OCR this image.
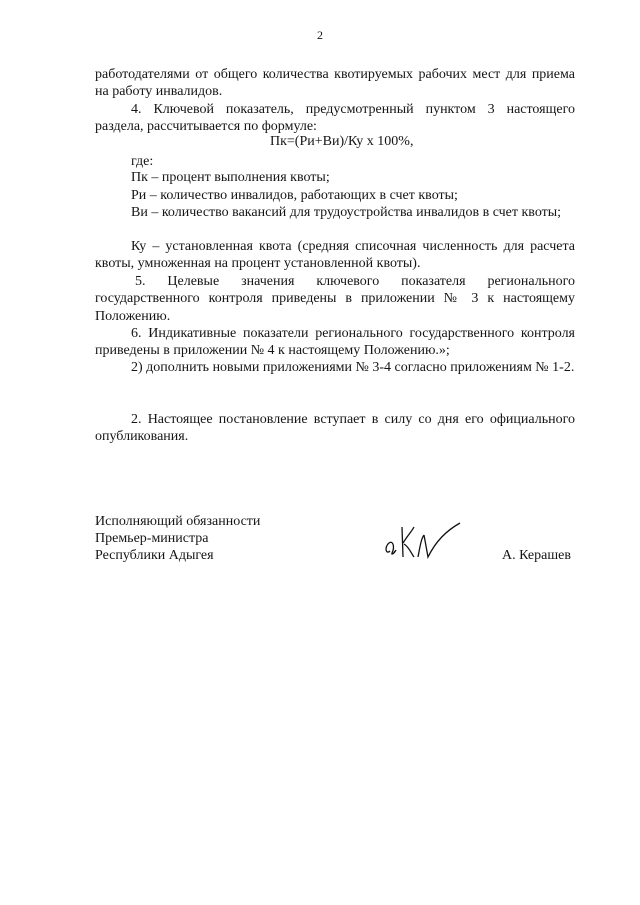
2

работодателями от общего количества квотируемых рабочих мест для приема на работу инвалидов.

4. Ключевой показатель, предусмотренный пунктом 3 настоящего раздела, рассчитывается по формуле:

Пк=(Ри+Ви)/Ку х 100%,
где:
Пк – процент выполнения квоты;
Ри – количество инвалидов, работающих в счет квоты;

Ви – количество вакансий для трудоустройства инвалидов в счет квоты;

Ку – установленная квота (средняя списочная численность для расчета квоты, умноженная на процент установленной квоты).

5. Целевые значения ключевого показателя регионального государственного контроля приведены в приложении № 3 к настоящему Положению.

6. Индикативные показатели регионального государственного контроля приведены в приложении № 4 к настоящему Положению.»;

2) дополнить новыми приложениями № 3-4 согласно приложениям № 1-2.

2. Настоящее постановление вступает в силу со дня его официального опубликования.

Исполняющий обязанности
Премьер-министра
Республики Адыгея	А. Керашев
